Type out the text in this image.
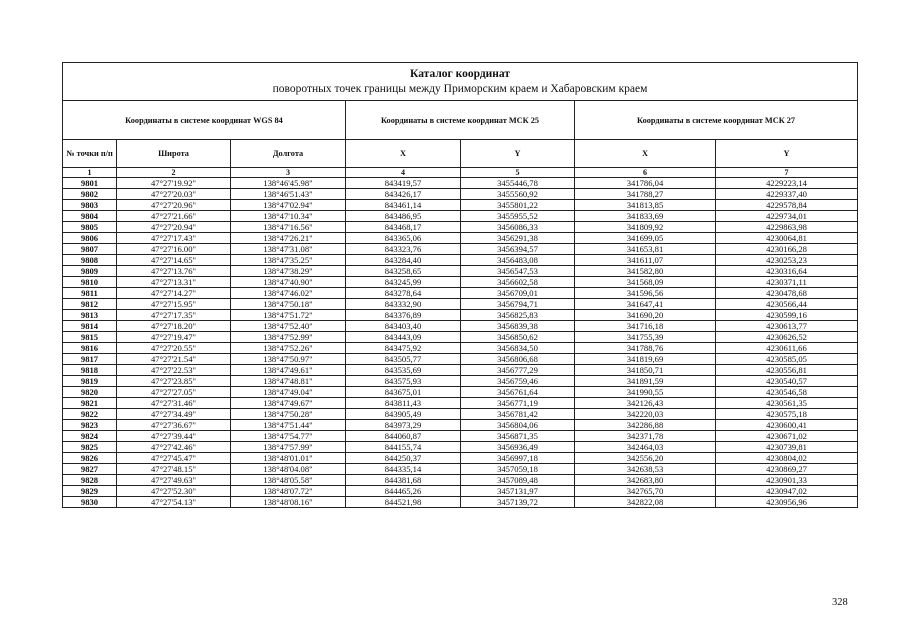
Каталог координат
поворотных точек границы между Приморским краем и Хабаровским краем						

Координаты в системе координат WGS 84			Координаты в системе координат МСК 25		Координаты в системе координат МСК 27	
№ точки п/п	Широта	Долгота	X	Y	X	Y
1	2	3	4	5	6	7
9801	47°27'19.92"	138°46'45.98"	843419,57	3455446,78	341786,04	4229223,14
9802	47°27'20.03"	138°46'51.43"	843426,17	3455560,92	341788,27	4229337,40
9803	47°27'20.96"	138°47'02.94"	843461,14	3455801,22	341813,85	4229578,84
9804	47°27'21.66"	138°47'10.34"	843486,95	3455955,52	341833,69	4229734,01
9805	47°27'20.94"	138°47'16.56"	843468,17	3456086,33	341809,92	4229863,98
9806	47°27'17.43"	138°47'26.21"	843365,06	3456291,38	341699,05	4230064,81
9807	47°27'16.00"	138°47'31.08"	843323,76	3456394,57	341653,81	4230166,28
9808	47°27'14.65"	138°47'35.25"	843284,40	3456483,08	341611,07	4230253,23
9809	47°27'13.76"	138°47'38.29"	843258,65	3456547,53	341582,80	4230316,64
9810	47°27'13.31"	138°47'40.90"	843245,99	3456602,58	341568,09	4230371,11
9811	47°27'14.27"	138°47'46.02"	843278,64	3456709,01	341596,56	4230478,68
9812	47°27'15.95"	138°47'50.18"	843332,90	3456794,71	341647,41	4230566,44
9813	47°27'17.35"	138°47'51.72"	843376,89	3456825,83	341690,20	4230599,16
9814	47°27'18.20"	138°47'52.40"	843403,40	3456839,38	341716,18	4230613,77
9815	47°27'19.47"	138°47'52.99"	843443,09	3456850,62	341755,39	4230626,52
9816	47°27'20.55"	138°47'52.26"	843475,92	3456834,50	341788,76	4230611,66
9817	47°27'21.54"	138°47'50.97"	843505,77	3456806,68	341819,69	4230585,05
9818	47°27'22.53"	138°47'49.61"	843535,69	3456777,29	341850,71	4230556,81
9819	47°27'23.85"	138°47'48.81"	843575,93	3456759,46	341891,59	4230540,57
9820	47°27'27.05"	138°47'49.04"	843675,01	3456761,64	341990,55	4230546,58
9821	47°27'31.46"	138°47'49.67"	843811,43	3456771,19	342126,43	4230561,35
9822	47°27'34.49"	138°47'50.28"	843905,49	3456781,42	342220,03	4230575,18
9823	47°27'36.67"	138°47'51.44"	843973,29	3456804,06	342286,88	4230600,41
9824	47°27'39.44"	138°47'54.77"	844060,87	3456871,35	342371,78	4230671,02
9825	47°27'42.46"	138°47'57.99"	844155,74	3456936,49	342464,03	4230739,81
9826	47°27'45.47"	138°48'01.01"	844250,37	3456997,18	342556,20	4230804,02
9827	47°27'48.15"	138°48'04.08"	844335,14	3457059,18	342638,53	4230869,27
9828	47°27'49.63"	138°48'05.58"	844381,68	3457089,48	342683,80	4230901,33
9829	47°27'52.30"	138°48'07.72"	844465,26	3457131,97	342765,70	4230947,02
9830	47°27'54.13"	138°48'08.16"	844521,98	3457139,72	342822,08	4230956,96
328
